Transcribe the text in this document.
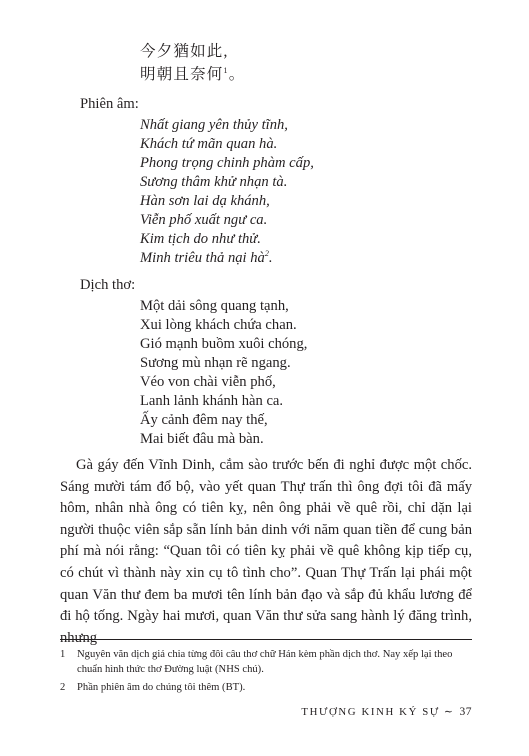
今夕猶如此,
明朝且奈何$^1$。
Phiên âm:
Nhất giang yên thủy tĩnh,
Khách tứ mãn quan hà.
Phong trọng chinh phàm cấp,
Sương thâm khử nhạn tà.
Hàn sơn lai dạ khánh,
Viễn phố xuất ngư ca.
Kim tịch do như thử.
Minh triêu thả nại $hà^2$.
Dịch thơ:
Một dải sông quang tạnh,
Xui lòng khách chứa chan.
Gió mạnh buồm xuôi chóng,
Sương mù nhạn rẽ ngang.
Véo von chài viễn phố,
Lanh lảnh khánh hàn ca.
Ấy cảnh đêm nay thế,
Mai biết đâu mà bàn.

Gà gáy đến Vĩnh Dinh, cắm sào trước bến đi nghỉ được một chốc. Sáng mười tám đổ bộ, vào yết quan Thự trấn thì ông đợi tôi đã mấy hôm, nhân nhà ông có tiên kỵ, nên ông phải về quê rồi, chỉ dặn lại người thuộc viên sắp sẵn lính bản dinh với năm quan tiền để cung bản phí mà nói rằng: “Quan tôi có tiên kỵ phải về quê không kịp tiếp cụ, có chút vì thành này xin cụ tô tình cho”. Quan Thự Trấn lại phái một quan Văn thư đem ba mươi tên lính bản đạo và sắp đủ khẩu lương để đi hộ tống. Ngày hai mươi, quan Văn thư sửa sang hành lý đăng trình, nhưng

1 Nguyên văn dịch giả chia từng đôi câu thơ chữ Hán kèm phần dịch thơ. Nay xếp lại theo chuẩn hình thức thơ Đường luật (NHS chú).
2 Phần phiên âm do chúng tôi thêm (BT).
THƯỢNG KINH KÝ SỰ ∼ 37
